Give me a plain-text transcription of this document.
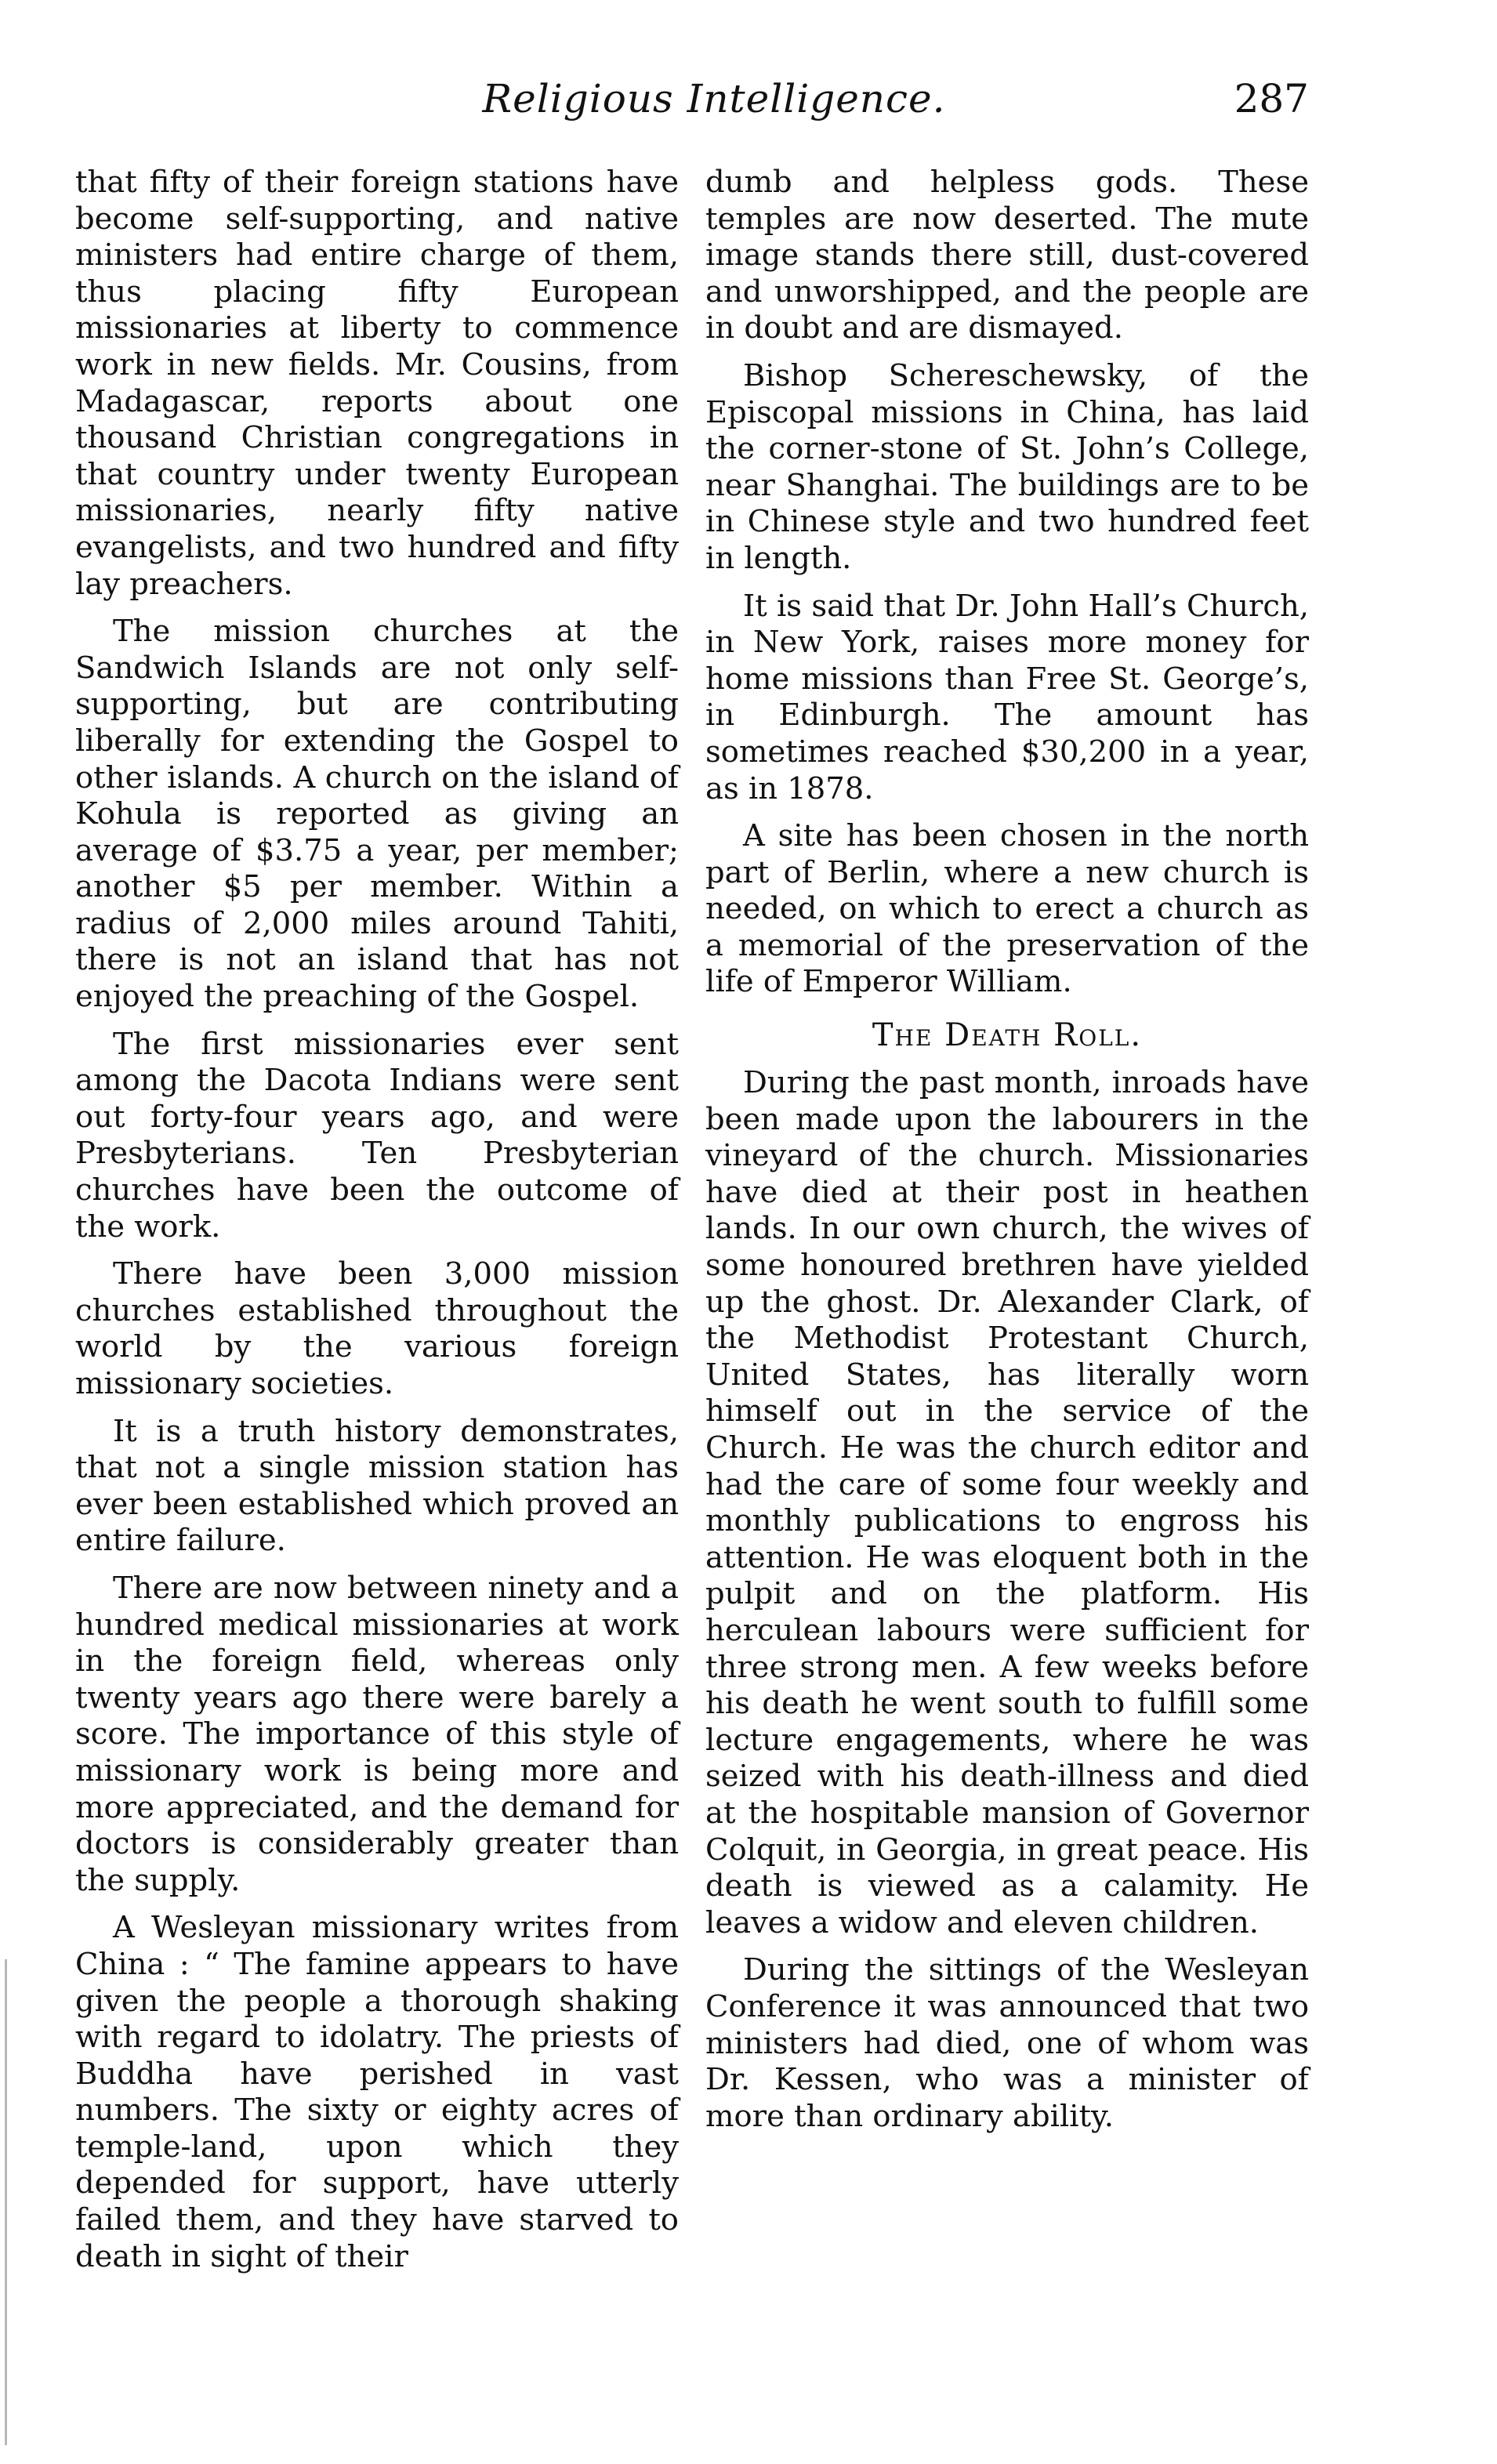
Religious Intelligence.	287

that fifty of their foreign stations have become self-supporting, and native ministers had entire charge of them, thus placing fifty European missionaries at liberty to commence work in new fields. Mr. Cousins, from Madagascar, reports about one thousand Christian congregations in that country under twenty European missionaries, nearly fifty native evangelists, and two hundred and fifty lay preachers.

The mission churches at the Sandwich Islands are not only self-supporting, but are contributing liberally for extending the Gospel to other islands. A church on the island of Kohula is reported as giving an average of $3.75 a year, per member; another $5 per member. Within a radius of 2,000 miles around Tahiti, there is not an island that has not enjoyed the preaching of the Gospel.

The first missionaries ever sent among the Dacota Indians were sent out forty-four years ago, and were Presbyterians. Ten Presbyterian churches have been the outcome of the work.

There have been 3,000 mission churches established throughout the world by the various foreign missionary societies.

It is a truth history demonstrates, that not a single mission station has ever been established which proved an entire failure.

There are now between ninety and a hundred medical missionaries at work in the foreign field, whereas only twenty years ago there were barely a score. The importance of this style of missionary work is being more and more appreciated, and the demand for doctors is considerably greater than the supply.

A Wesleyan missionary writes from China : “ The famine appears to have given the people a thorough shaking with regard to idolatry. The priests of Buddha have perished in vast numbers. The sixty or eighty acres of temple-land, upon which they depended for support, have utterly failed them, and they have starved to death in sight of their

dumb and helpless gods. These temples are now deserted. The mute image stands there still, dust-covered and unworshipped, and the people are in doubt and are dismayed.

Bishop Schereschewsky, of the Episcopal missions in China, has laid the corner-stone of St. John’s College, near Shanghai. The buildings are to be in Chinese style and two hundred feet in length.

It is said that Dr. John Hall’s Church, in New York, raises more money for home missions than Free St. George’s, in Edinburgh. The amount has sometimes reached $30,200 in a year, as in 1878.

A site has been chosen in the north part of Berlin, where a new church is needed, on which to erect a church as a memorial of the preservation of the life of Emperor William.

The Death Roll.

During the past month, inroads have been made upon the labourers in the vineyard of the church. Missionaries have died at their post in heathen lands. In our own church, the wives of some honoured brethren have yielded up the ghost. Dr. Alexander Clark, of the Methodist Protestant Church, United States, has literally worn himself out in the service of the Church. He was the church editor and had the care of some four weekly and monthly publications to engross his attention. He was eloquent both in the pulpit and on the platform. His herculean labours were sufficient for three strong men. A few weeks before his death he went south to fulfill some lecture engagements, where he was seized with his death-illness and died at the hospitable mansion of Governor Colquit, in Georgia, in great peace. His death is viewed as a calamity. He leaves a widow and eleven children.

During the sittings of the Wesleyan Conference it was announced that two ministers had died, one of whom was Dr. Kessen, who was a minister of more than ordinary ability.
